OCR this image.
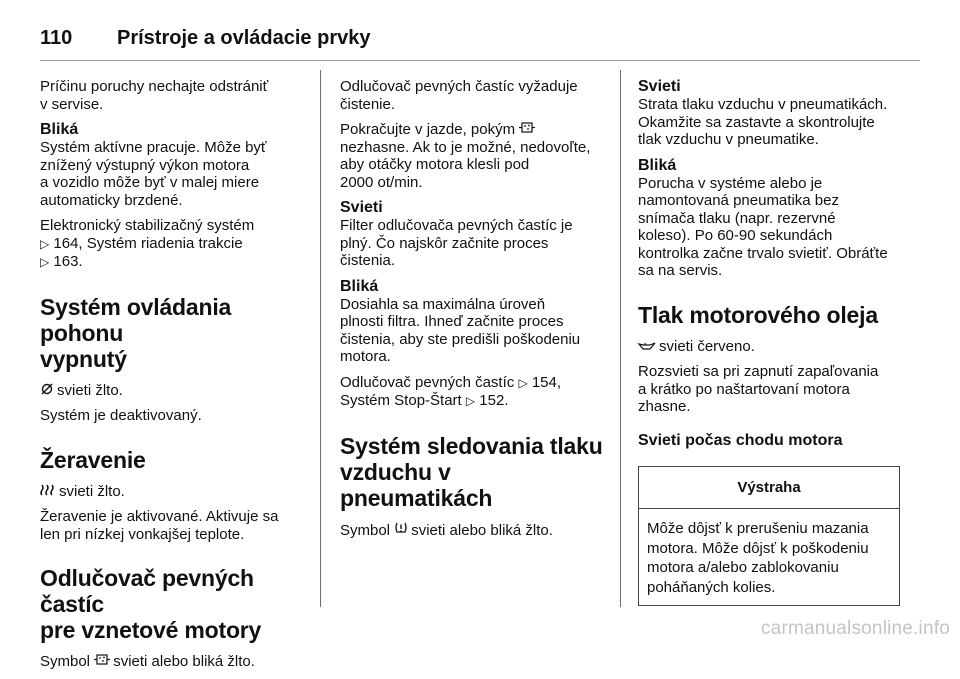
110	Prístroje a ovládacie prvky

Príčinu poruchy nechajte odstrániť
v servise.

Bliká

Systém aktívne pracuje. Môže byť
znížený výstupný výkon motora
a vozidlo môže byť v malej miere
automaticky brzdené.

Elektronický stabilizačný systém
▷ 164, Systém riadenia trakcie
▷ 163.

Systém ovládania pohonu
vypnutý

svieti žlto.

Systém je deaktivovaný.

Žeravenie

svieti žlto.

Žeravenie je aktivované. Aktivuje sa
len pri nízkej vonkajšej teplote.

Odlučovač pevných častíc
pre vznetové motory

Symbol svieti alebo bliká žlto.

Odlučovač pevných častíc vyžaduje
čistenie.

Pokračujte v jazde, pokým
nezhasne. Ak to je možné, nedovoľte,
aby otáčky motora klesli pod
2000 ot/min.

Svieti

Filter odlučovača pevných častíc je
plný. Čo najskôr začnite proces
čistenia.

Bliká

Dosiahla sa maximálna úroveň
plnosti filtra. Ihneď začnite proces
čistenia, aby ste predišli poškodeniu
motora.

Odlučovač pevných častíc ▷ 154,
Systém Stop-Štart ▷ 152.

Systém sledovania tlaku
vzduchu v pneumatikách

Symbol svieti alebo bliká žlto.

Svieti

Strata tlaku vzduchu v pneumatikách.
Okamžite sa zastavte a skontrolujte
tlak vzduchu v pneumatike.

Bliká

Porucha v systéme alebo je
namontovaná pneumatika bez
snímača tlaku (napr. rezervné
koleso). Po 60-90 sekundách
kontrolka začne trvalo svietiť. Obráťte
sa na servis.

Tlak motorového oleja

svieti červeno.

Rozsvieti sa pri zapnutí zapaľovania
a krátko po naštartovaní motora
zhasne.

Svieti počas chodu motora
Výstraha
Môže dôjsť k prerušeniu mazania
motora. Môže dôjsť k poškodeniu
motora a/alebo zablokovaniu
poháňaných kolies.
carmanualsonline.info
